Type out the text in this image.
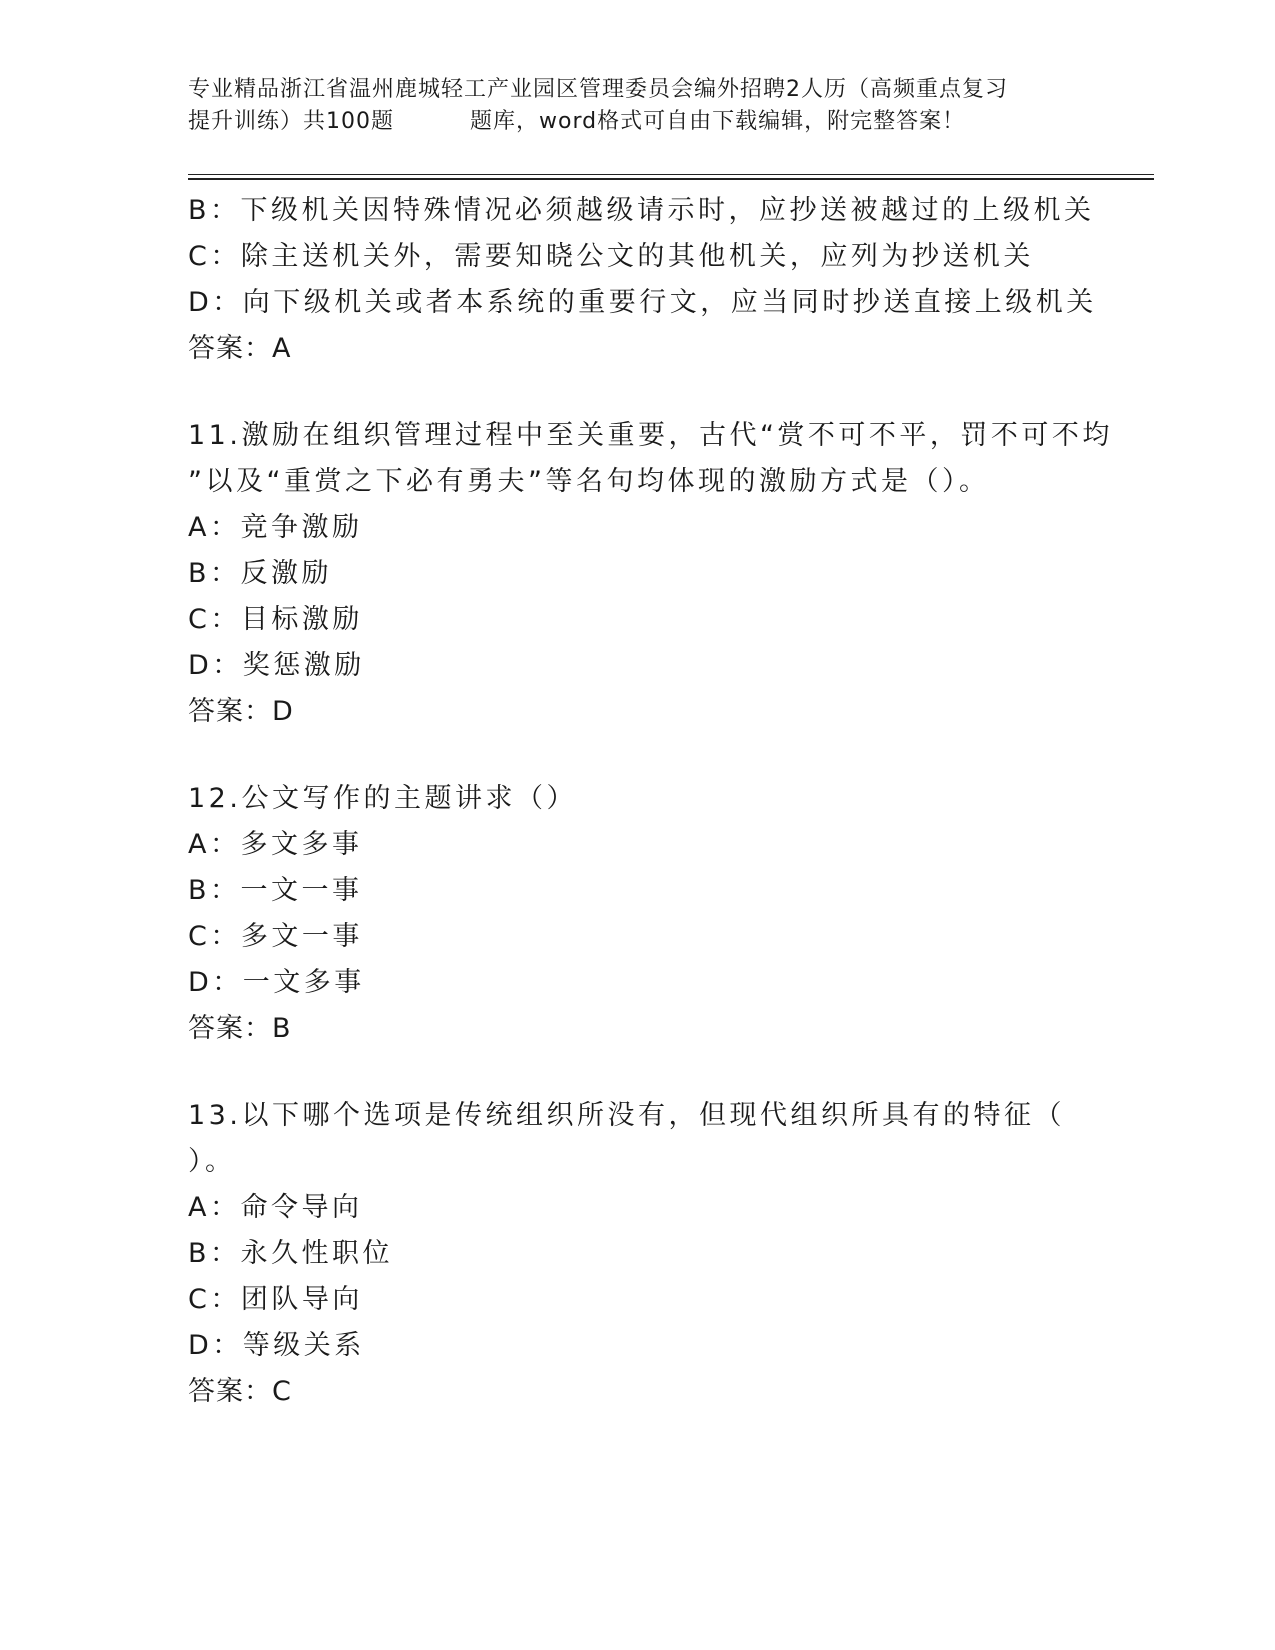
专业精品浙江省温州鹿城轻工产业园区管理委员会编外招聘2人历（高频重点复习
提升训练）共100题	题库，word格式可自由下载编辑，附完整答案！
B：下级机关因特殊情况必须越级请示时，应抄送被越过的上级机关
C：除主送机关外，需要知晓公文的其他机关，应列为抄送机关
D：向下级机关或者本系统的重要行文，应当同时抄送直接上级机关
答案：A
11.激励在组织管理过程中至关重要，古代“赏不可不平，罚不可不均
”以及“重赏之下必有勇夫”等名句均体现的激励方式是（）。
A：竞争激励
B：反激励
C：目标激励
D：奖惩激励
答案：D
12.公文写作的主题讲求（）
A：多文多事
B：一文一事
C：多文一事
D：一文多事
答案：B
13.以下哪个选项是传统组织所没有，但现代组织所具有的特征（
）。
A：命令导向
B：永久性职位
C：团队导向
D：等级关系
答案：C
